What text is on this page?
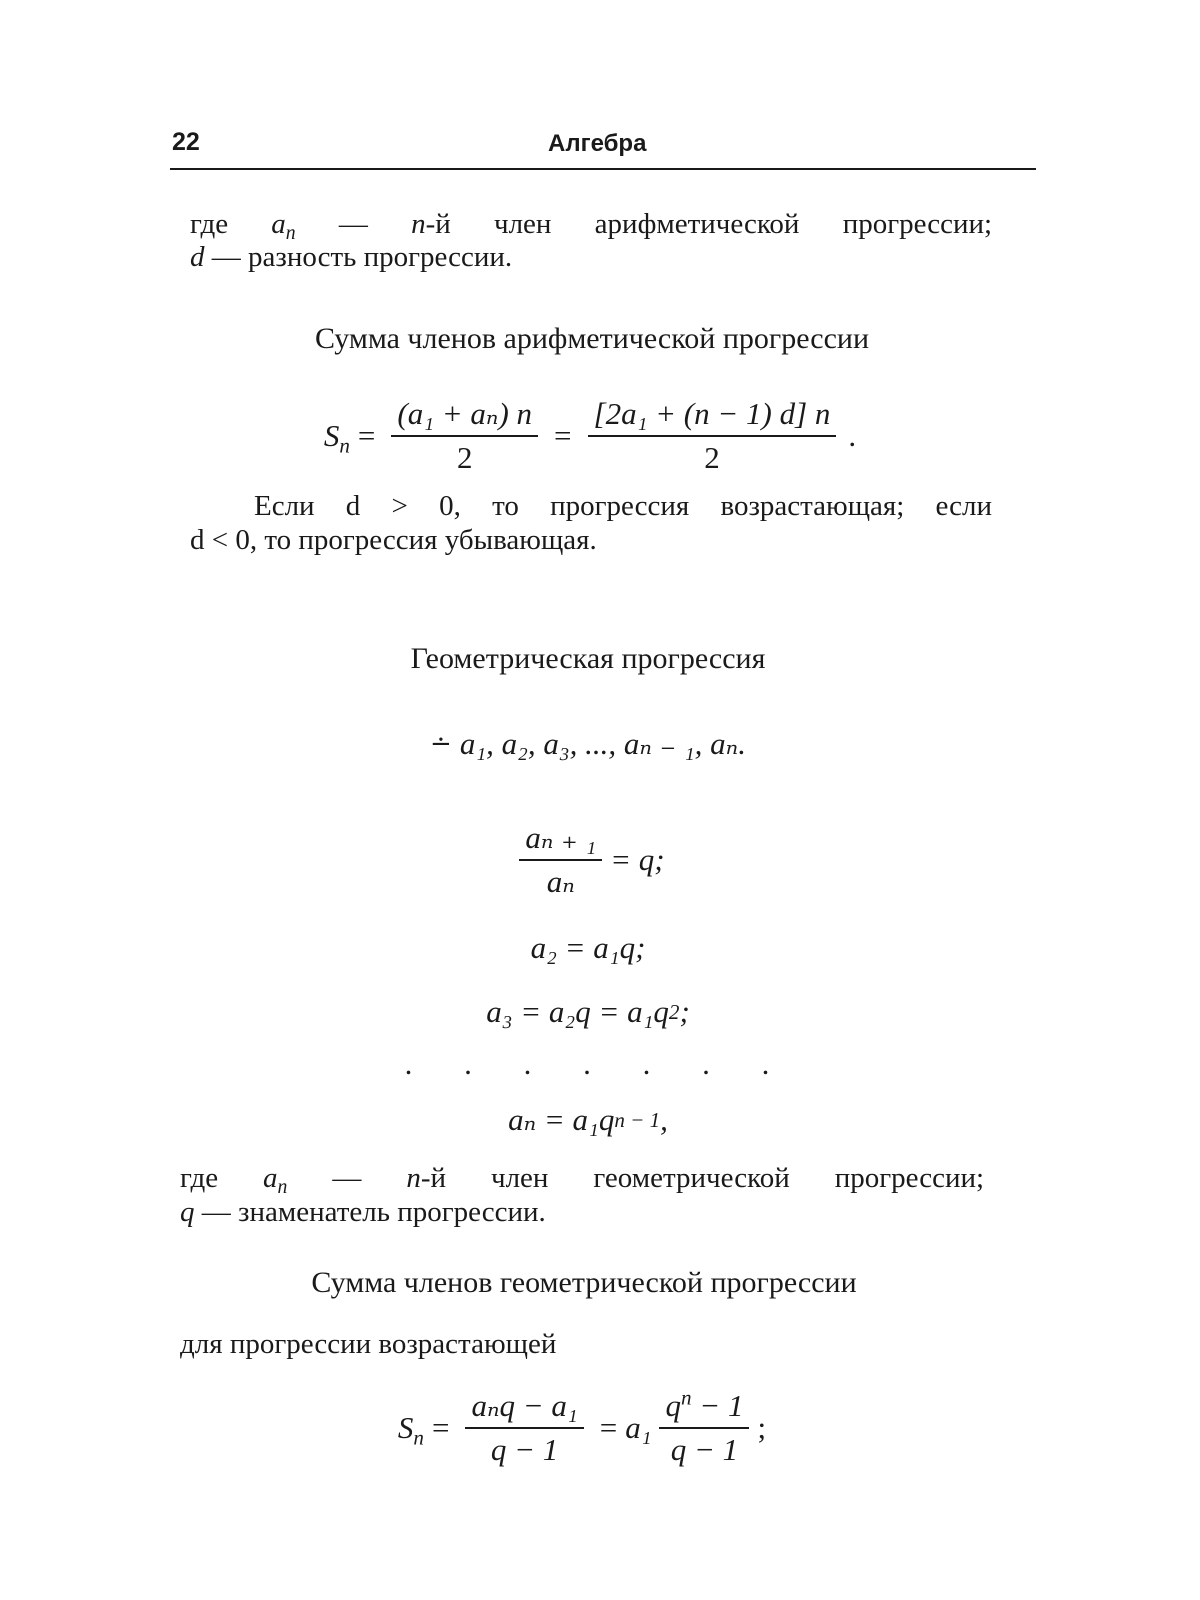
22	Алгебра
где $a_n$ — n-й член арифметической прогрессии;
d — разность прогрессии.
Сумма членов арифметической прогрессии
$S_n = \frac{\text{(a₁ + aₙ) n}}{2} = \frac{\text{[2a₁ + (n − 1) d] n}}{2}$ .
Если d > 0, то прогрессия возрастающая; если
d < 0, то прогрессия убывающая.
Геометрическая прогрессия
∸ a₁, a₂, a₃, ..., aₙ ₋ ₁, aₙ.
$\frac{\text{aₙ ₊ ₁}}{\text{aₙ}} = q$;
a₂ = a₁q;
a₃ = a₂q = a₁q 2 ;
. . . . . . .
aₙ = a₁q n − 1 ,
где $a_n$ — n-й член геометрической прогрессии;
q — знаменатель прогрессии.
Сумма членов геометрической прогрессии
для прогрессии возрастающей
$S_n = \frac{\text{aₙq − a₁}}{q - 1} = a_1 \frac{q^n - 1}{q - 1}$ ;
